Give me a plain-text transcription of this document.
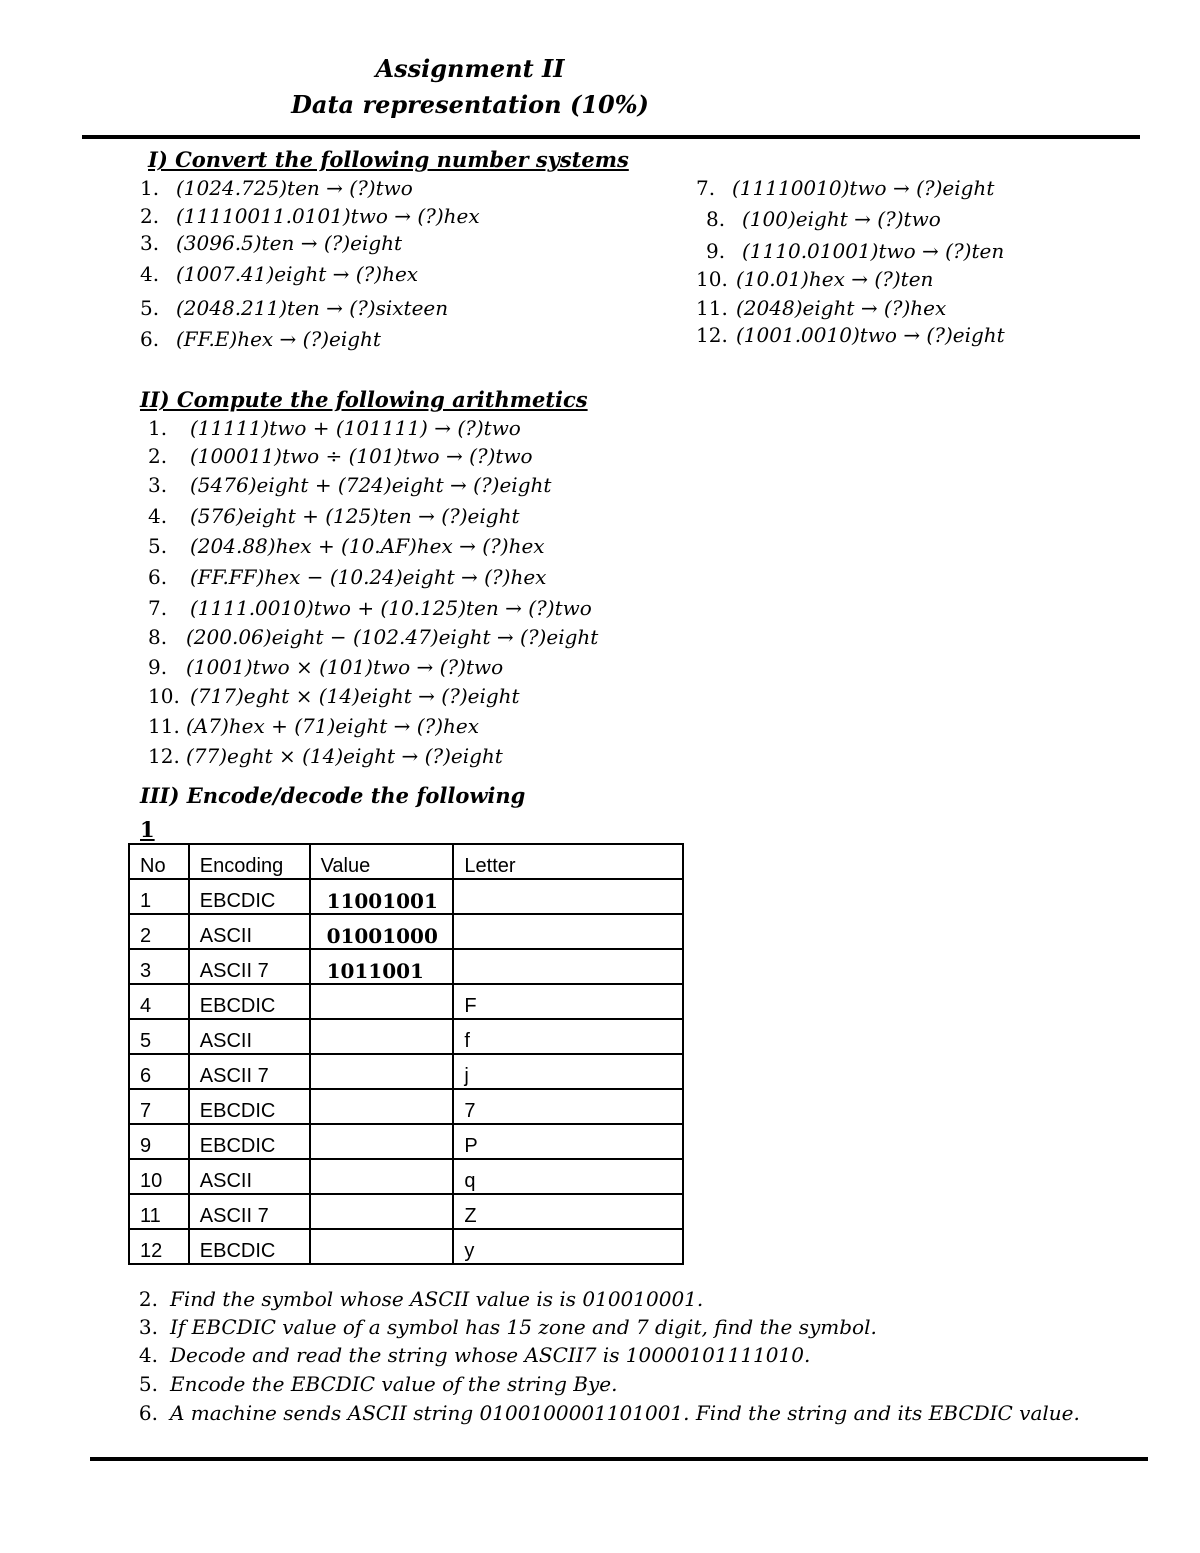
Assignment II
Data representation (10%)
I) Convert the following number systems
1. (1024.725)ten → (?)two
2. (11110011.0101)two → (?)hex
3. (3096.5)ten → (?)eight
4. (1007.41)eight → (?)hex
5. (2048.211)ten → (?)sixteen
6. (FF.E)hex → (?)eight
7. (11110010)two → (?)eight
8. (100)eight → (?)two
9. (1110.01001)two → (?)ten
10. (10.01)hex → (?)ten
11. (2048)eight → (?)hex
12. (1001.0010)two → (?)eight
II) Compute the following arithmetics
1. (11111)two + (101111) → (?)two
2. (100011)two ÷ (101)two → (?)two
3. (5476)eight + (724)eight → (?)eight
4. (576)eight + (125)ten → (?)eight
5. (204.88)hex + (10.AF)hex → (?)hex
6. (FF.FF)hex − (10.24)eight → (?)hex
7. (1111.0010)two + (10.125)ten → (?)two
8. (200.06)eight − (102.47)eight → (?)eight
9. (1001)two × (101)two → (?)two
10. (717)eght × (14)eight → (?)eight
11. (A7)hex + (71)eight → (?)hex
12. (77)eght × (14)eight → (?)eight
III) Encode/decode the following
1
No	Encoding	Value	Letter
1	EBCDIC	11001001	
2	ASCII	01001000	
3	ASCII 7	1011001	
4	EBCDIC		F
5	ASCII		f
6	ASCII 7		j
7	EBCDIC		7
9	EBCDIC		P
10	ASCII		q
11	ASCII 7		Z
12	EBCDIC		y
2. Find the symbol whose ASCII value is is 010010001.
3. If EBCDIC value of a symbol has 15 zone and 7 digit, find the symbol.
4. Decode and read the string whose ASCII7 is 10000101111010.
5. Encode the EBCDIC value of the string Bye.
6. A machine sends ASCII string 0100100001101001. Find the string and its EBCDIC value.
